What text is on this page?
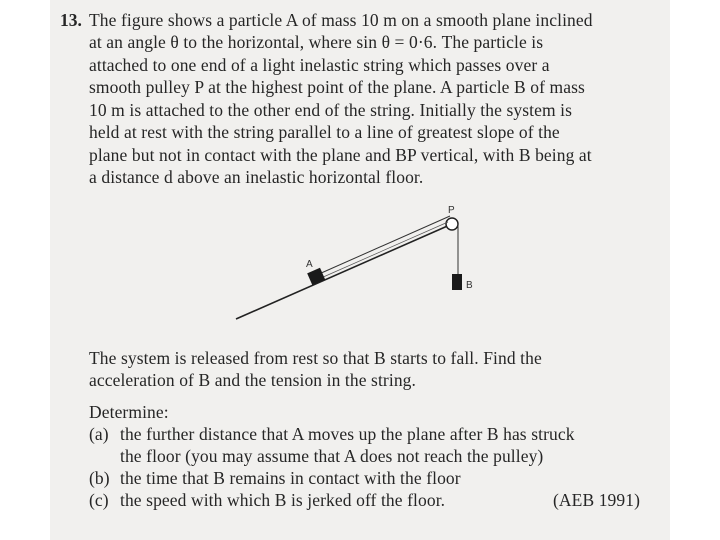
13. The figure shows a particle A of mass 10 m on a smooth plane inclined
at an angle θ to the horizontal, where sin θ = 0·6. The particle is
attached to one end of a light inelastic string which passes over a
smooth pulley P at the highest point of the plane. A particle B of mass
10 m is attached to the other end of the string. Initially the system is
held at rest with the string parallel to a line of greatest slope of the
plane but not in contact with the plane and BP vertical, with B being at
a distance d above an inelastic horizontal floor.
P
A
B
The system is released from rest so that B starts to fall. Find the
acceleration of B and the tension in the string.
Determine:
(a) the further distance that A moves up the plane after B has struck
the floor (you may assume that A does not reach the pulley)
(b) the time that B remains in contact with the floor
(c) the speed with which B is jerked off the floor.	(AEB 1991)
